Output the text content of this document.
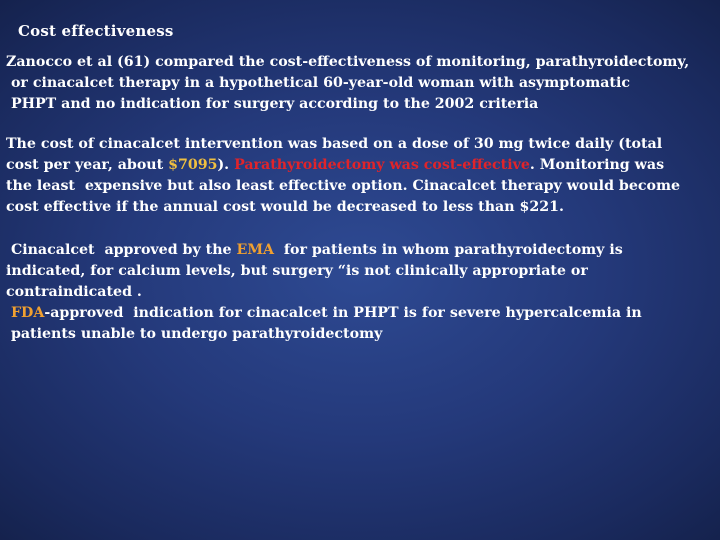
Cost effectiveness
Zanocco et al (61) compared the cost-effectiveness of monitoring, parathyroidectomy,
or cinacalcet therapy in a hypothetical 60-year-old woman with asymptomatic
PHPT and no indication for surgery according to the 2002 criteria
The cost of cinacalcet intervention was based on a dose of 30 mg twice daily (total
cost per year, about $7095). Parathyroidectomy was cost-effective. Monitoring was
the least  expensive but also least effective option. Cinacalcet therapy would become
cost effective if the annual cost would be decreased to less than $221.
Cinacalcet  approved by the EMA  for patients in whom parathyroidectomy is
indicated, for calcium levels, but surgery “is not clinically appropriate or
contraindicated .
FDA-approved  indication for cinacalcet in PHPT is for severe hypercalcemia in
patients unable to undergo parathyroidectomy
